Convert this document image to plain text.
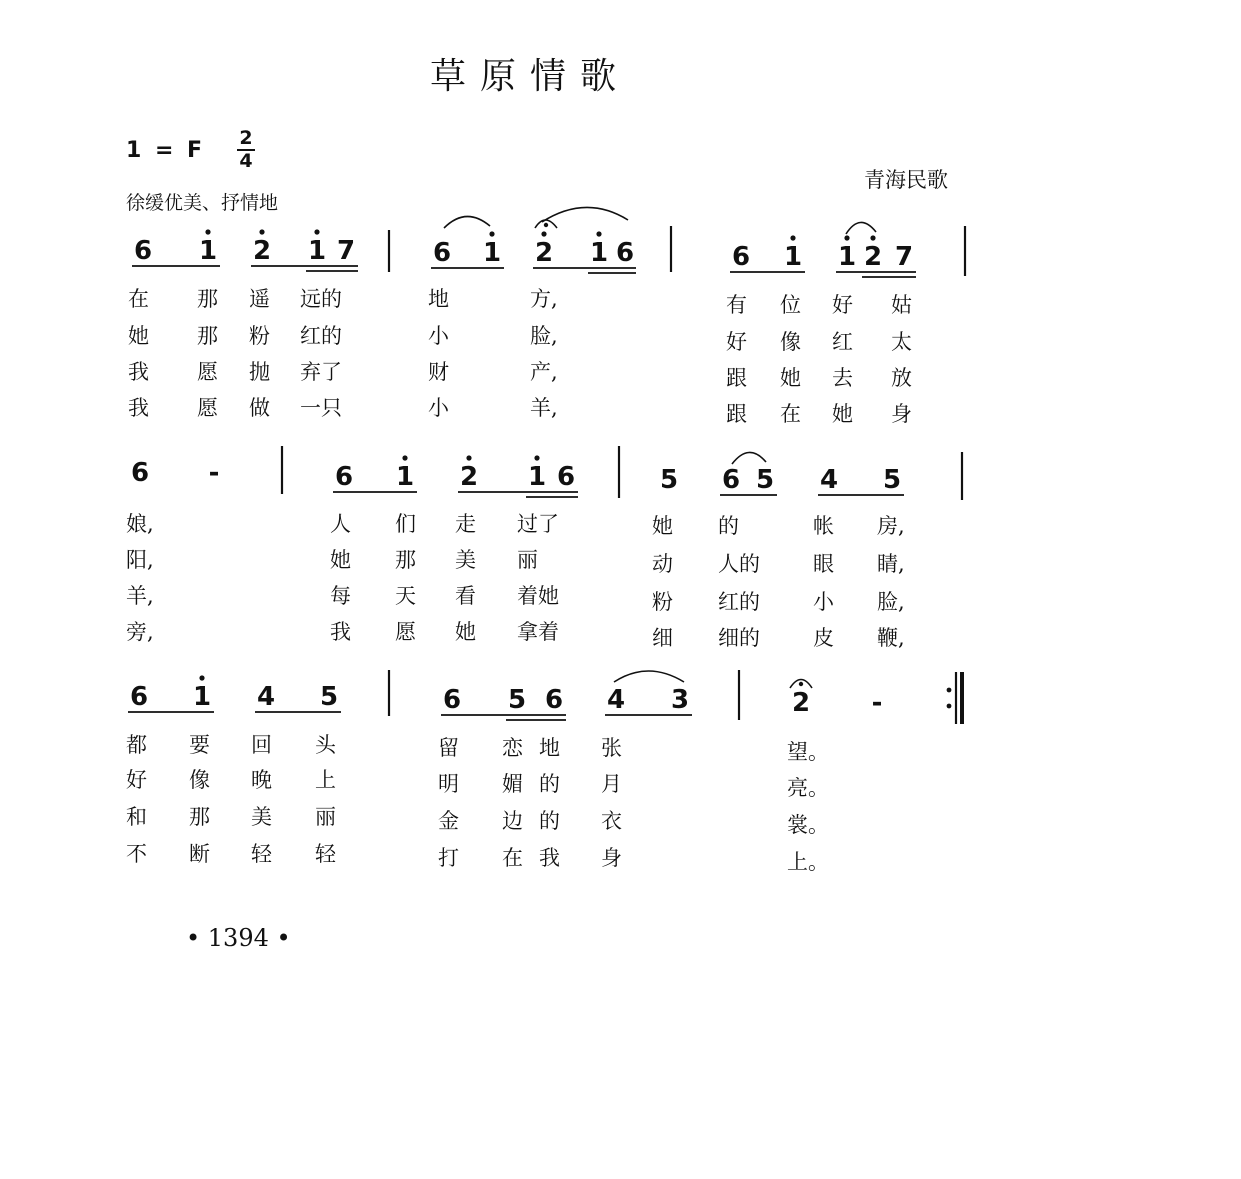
草原情歌
1 = F 2
4
徐缓优美、抒情地
青海民歌
6 1 2 1 7	6 1 2 1 6	6 1 1 2 7
在 那 遥 远的	地	方,	有 位 好 姑
她 那 粉 红的	小	脸,	好 像 红 太
我 愿 抛 弃了	财	产,	跟 她 去 放
我 愿 做 一只	小	羊,	跟 在 她 身
6 -	6 1 2 1 6	5 6 5 4 5
娘,	人 们 走 过了	她 的	帐 房,
阳,	她 那 美 丽	动 人的	眼 睛,
羊,	每 天 看 着她	粉 红的	小 脸,
旁,	我 愿 她 拿着	细 细的	皮 鞭,
6 1 4 5	6 5 6 4 3	2 -
都 要 回 头	留 恋 地 张	望。
好 像 晚 上	明 媚 的 月	亮。
和 那 美 丽	金 边 的 衣	裳。
不 断 轻 轻	打 在 我 身	上。
• 1394 •
